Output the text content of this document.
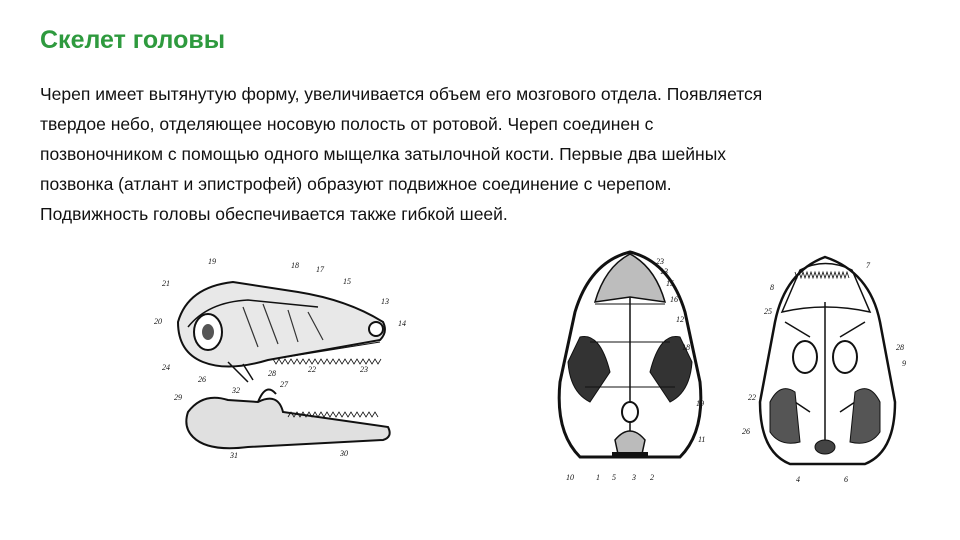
Скелет головы
Череп имеет вытянутую форму, увеличивается объем его мозгового отдела. Появляется
твердое небо, отделяющее носовую полость от ротовой. Череп соединен с
позвоночником с помощью одного мыщелка затылочной кости. Первые два шейных
позвонка (атлант и эпистрофей) образуют подвижное соединение с черепом.
Подвижность головы обеспечивается также гибкой шеей.
19
21
18 17
15
13
14
20
24
26
28	22	23
27
32
29
31	30
23
13
15
16
12
18
19
11
10	1 5 3 2
7
8
25
28
9
22
26
4	6
